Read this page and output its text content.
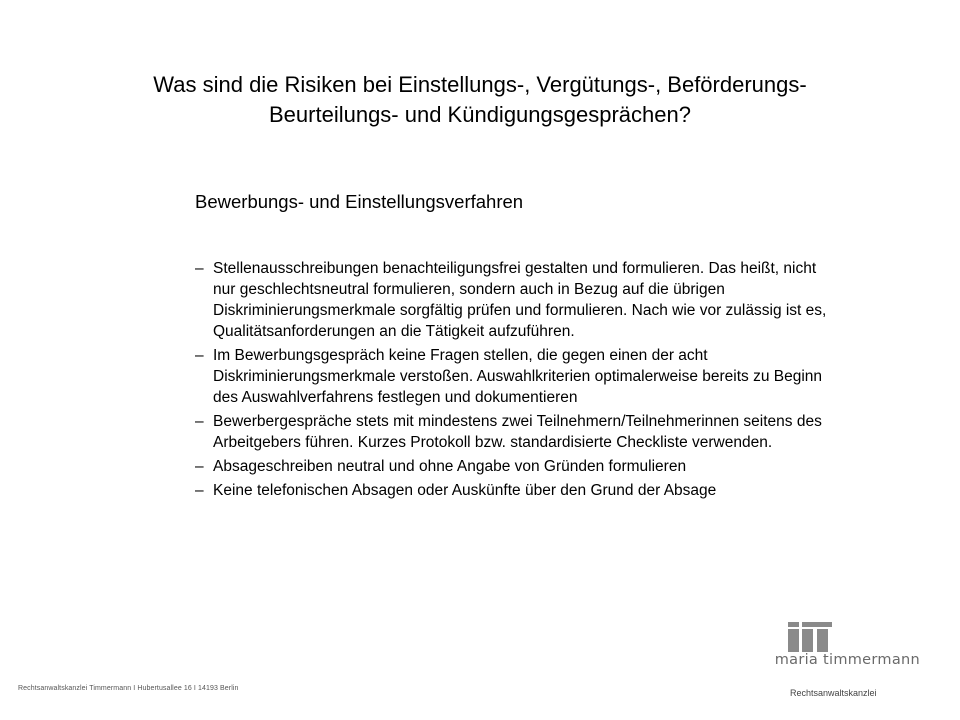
Was sind die Risiken bei Einstellungs-, Vergütungs-, Beförderungs-
Beurteilungs- und Kündigungsgesprächen?
Bewerbungs- und Einstellungsverfahren
– Stellenausschreibungen benachteiligungsfrei gestalten und formulieren. Das heißt, nicht nur geschlechtsneutral formulieren, sondern auch in Bezug auf die übrigen Diskriminierungsmerkmale sorgfältig prüfen und formulieren. Nach wie vor zulässig ist es, Qualitätsanforderungen an die Tätigkeit aufzuführen.
– Im Bewerbungsgespräch keine Fragen stellen, die gegen einen der acht Diskriminierungsmerkmale verstoßen. Auswahlkriterien optimalerweise bereits zu Beginn des Auswahlverfahrens festlegen und dokumentieren
– Bewerbergespräche stets mit mindestens zwei Teilnehmern/Teilnehmerinnen seitens des Arbeitgebers führen. Kurzes Protokoll bzw. standardisierte Checkliste verwenden.
– Absageschreiben neutral und ohne Angabe von Gründen formulieren
– Keine telefonischen Absagen oder Auskünfte über den Grund der Absage
Rechtsanwaltskanzlei Timmermann I Hubertusallee 16 I 14193 Berlin
maria timmermann
Rechtsanwaltskanzlei
